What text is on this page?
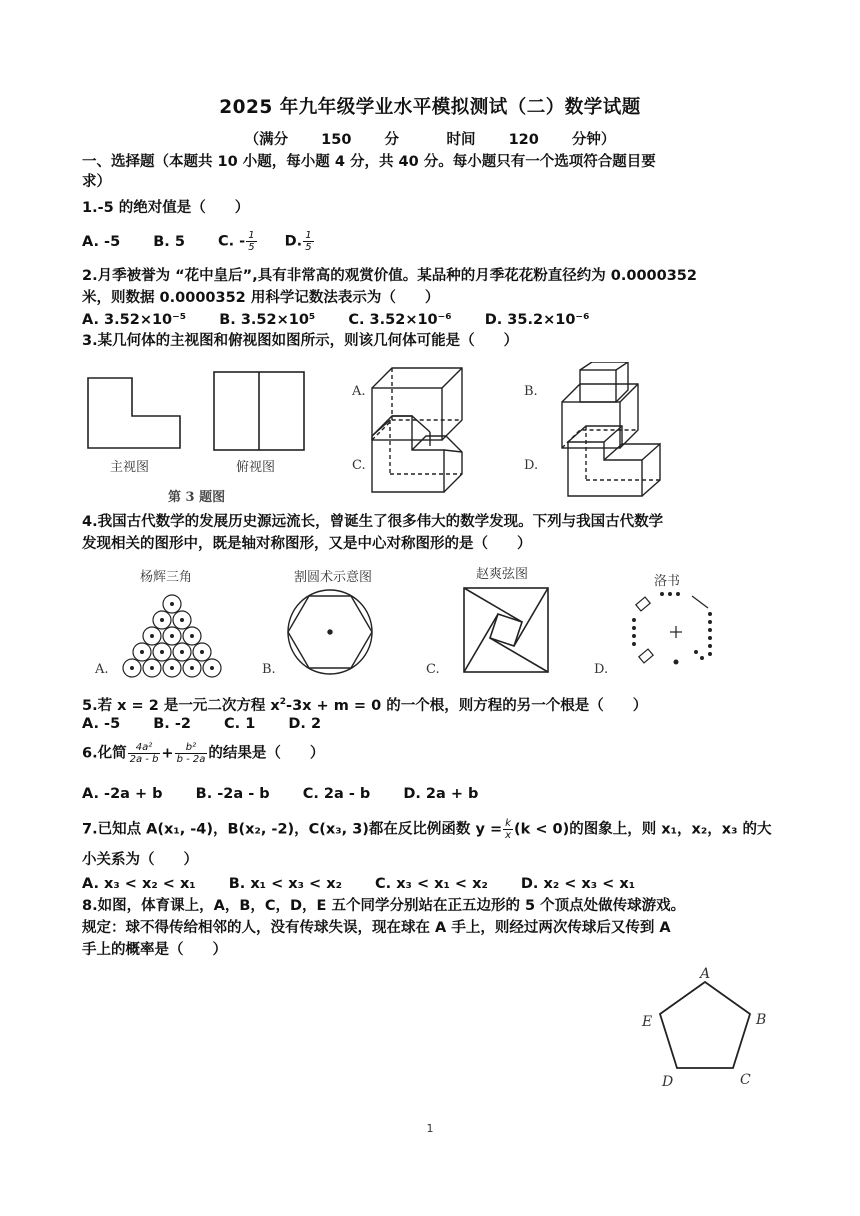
2025 年九年级学业水平模拟测试（二）数学试题
（满分 150 分　 时间 120 分钟）
一、选择题（本题共 10 小题，每小题 4 分，共 40 分。每小题只有一个选项符合题目要
求）
1.-5 的绝对值是（　　）
A. -5 B. 5 C. - $\frac{1}{5} D$. $\frac{1}{5}$
2.月季被誉为 “花中皇后”,具有非常高的观赏价值。某品种的月季花花粉直径约为 0.0000352
米，则数据 0.0000352 用科学记数法表示为（　　）
A. 3.52×10⁻⁵ B. 3.52×10⁵ C. 3.52×10⁻⁶ D. 35.2×10⁻⁶
3.某几何体的主视图和俯视图如图所示，则该几何体可能是（　　）
主视图	俯视图
第 3 题图
A.	B.
C.	D.
4.我国古代数学的发展历史源远流长，曾诞生了很多伟大的数学发现。下列与我国古代数学
发现相关的图形中，既是轴对称图形，又是中心对称图形的是（　　）
杨辉三角	割圆术示意图	赵爽弦图	洛书
A.	B.	C.	D.
5.若 x = 2 是一元二次方程 $x^2-3x + m = 0$ 的一个根，则方程的另一个根是（　　）
A. -5 B. -2 C. 1 D. 2
6.化简 $\frac{\text{4a²}}{2a - b} + \frac{\text{b²}}{b - 2a}$ 的结果是（　　）
A. -2a + b B. -2a - b C. 2a - b D. 2a + b
7.已知点 A(x₁, -4)，B(x₂, -2)，C(x₃, 3)都在反比例函数 $y = \frac{k}{x} (k < 0)$的图象上，则 x₁，x₂，x₃ 的大
小关系为（　　）
A. x₃ < x₂ < x₁ B. x₁ < x₃ < x₂ C. x₃ < x₁ < x₂ D. x₂ < x₃ < x₁
8.如图，体育课上，A，B，C，D，E 五个同学分别站在正五边形的 5 个顶点处做传球游戏。
规定：球不得传给相邻的人，没有传球失误，现在球在 A 手上，则经过两次传球后又传到 A
手上的概率是（　　）
A
B
C
D
E
1
